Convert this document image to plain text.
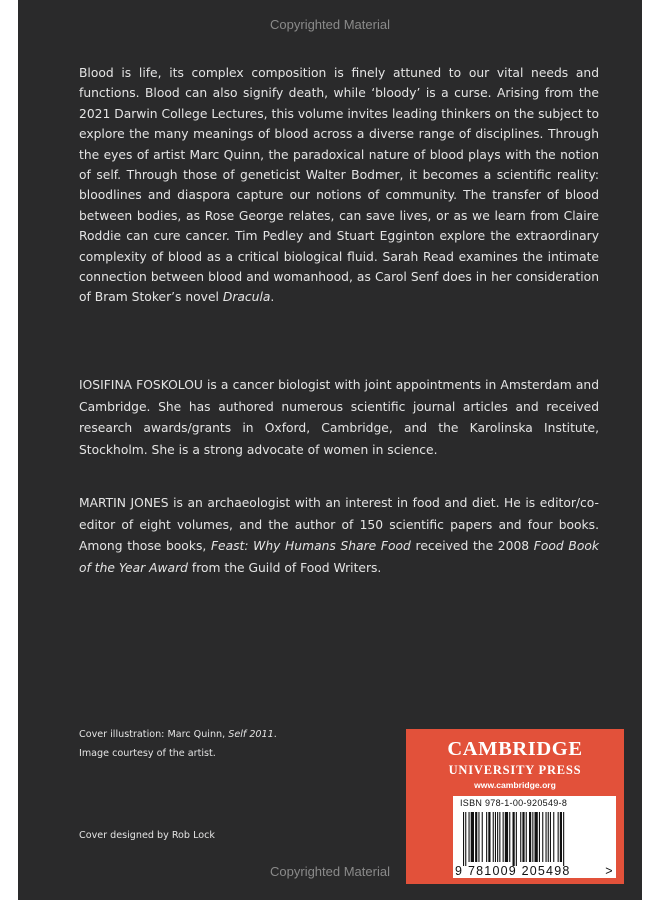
Copyrighted Material

Blood is life, its complex composition is finely attuned to our vital needs and functions. Blood can also signify death, while ‘bloody’ is a curse. Arising from the 2021 Darwin College Lectures, this volume invites leading thinkers on the subject to explore the many meanings of blood across a diverse range of disciplines. Through the eyes of artist Marc Quinn, the paradoxical nature of blood plays with the notion of self. Through those of geneticist Walter Bodmer, it becomes a scientific reality: bloodlines and diaspora capture our notions of community. The transfer of blood between bodies, as Rose George relates, can save lives, or as we learn from Claire Roddie can cure cancer. Tim Pedley and Stuart Egginton explore the extraordinary complexity of blood as a critical biological fluid. Sarah Read examines the intimate connection between blood and womanhood, as Carol Senf does in her consideration of Bram Stoker’s novel Dracula.

IOSIFINA FOSKOLOU is a cancer biologist with joint appointments in Amsterdam and Cambridge. She has authored numerous scientific journal articles and received research awards/grants in Oxford, Cambridge, and the Karolinska Institute, Stockholm. She is a strong advocate of women in science.

MARTIN JONES is an archaeologist with an interest in food and diet. He is editor/co-editor of eight volumes, and the author of 150 scientific papers and four books. Among those books, Feast: Why Humans Share Food received the 2008 Food Book of the Year Award from the Guild of Food Writers.

Cover illustration: Marc Quinn, Self 2011.
Image courtesy of the artist.

Cover designed by Rob Lock

CAMBRIDGE
UNIVERSITY PRESS
www.cambridge.org
ISBN 978-1-00-920549-8
9 781009 205498	>
Copyrighted Material
